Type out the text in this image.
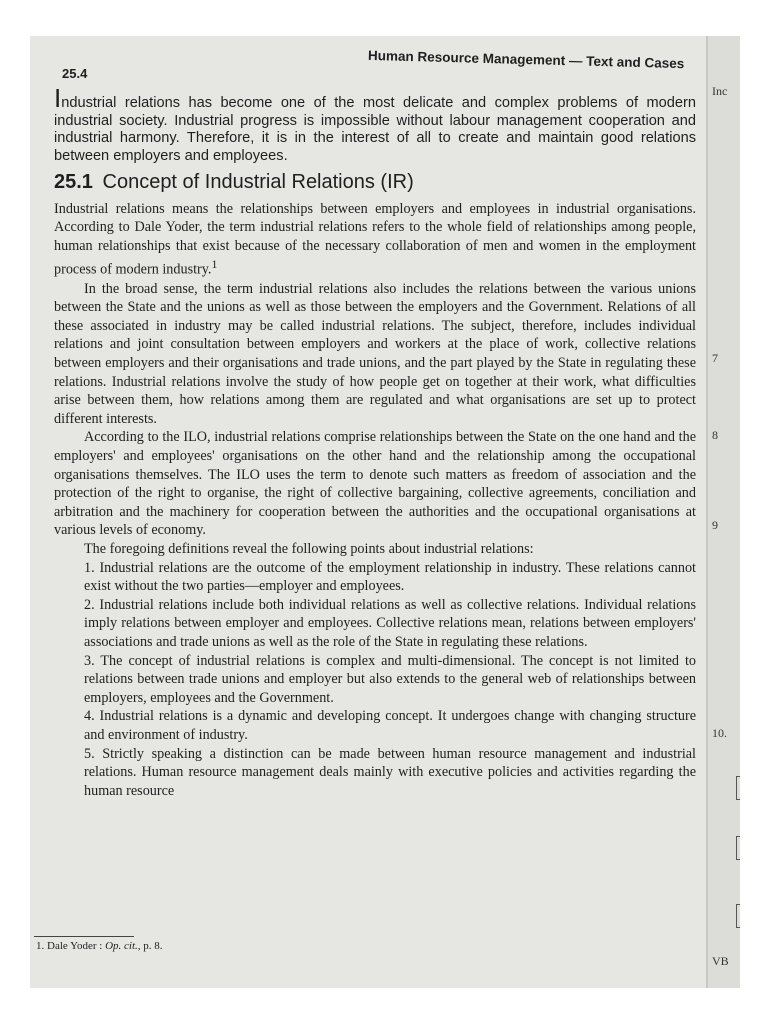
25.4
Human Resource Management — Text and Cases

Industrial relations has become one of the most delicate and complex problems of modern industrial society. Industrial progress is impossible without labour management cooperation and industrial harmony. Therefore, it is in the interest of all to create and maintain good relations between employers and employees.

25.1 Concept of Industrial Relations (IR)

Industrial relations means the relationships between employers and employees in industrial organisations. According to Dale Yoder, the term industrial relations refers to the whole field of relationships among people, human relationships that exist because of the necessary collaboration of men and women in the employment process of modern industry.$^1$

In the broad sense, the term industrial relations also includes the relations between the various unions between the State and the unions as well as those between the employers and the Government. Relations of all these associated in industry may be called industrial relations. The subject, therefore, includes individual relations and joint consultation between employers and workers at the place of work, collective relations between employers and their organisations and trade unions, and the part played by the State in regulating these relations. Industrial relations involve the study of how people get on together at their work, what difficulties arise between them, how relations among them are regulated and what organisations are set up to protect different interests.

According to the ILO, industrial relations comprise relationships between the State on the one hand and the employers' and employees' organisations on the other hand and the relationship among the occupational organisations themselves. The ILO uses the term to denote such matters as freedom of association and the protection of the right to organise, the right of collective bargaining, collective agreements, conciliation and arbitration and the machinery for cooperation between the authorities and the occupational organisations at various levels of economy.

The foregoing definitions reveal the following points about industrial relations:

1. Industrial relations are the outcome of the employment relationship in industry. These relations cannot exist without the two parties—employer and employees.
2. Industrial relations include both individual relations as well as collective relations. Individual relations imply relations between employer and employees. Collective relations mean, relations between employers' associations and trade unions as well as the role of the State in regulating these relations.
3. The concept of industrial relations is complex and multi-dimensional. The concept is not limited to relations between trade unions and employer but also extends to the general web of relationships between employers, employees and the Government.
4. Industrial relations is a dynamic and developing concept. It undergoes change with changing structure and environment of industry.
5. Strictly speaking a distinction can be made between human resource management and industrial relations. Human resource management deals mainly with executive policies and activities regarding the human resource
1. Dale Yoder : Op. cit., p. 8.
Inc
7
8
9
10.
VB
